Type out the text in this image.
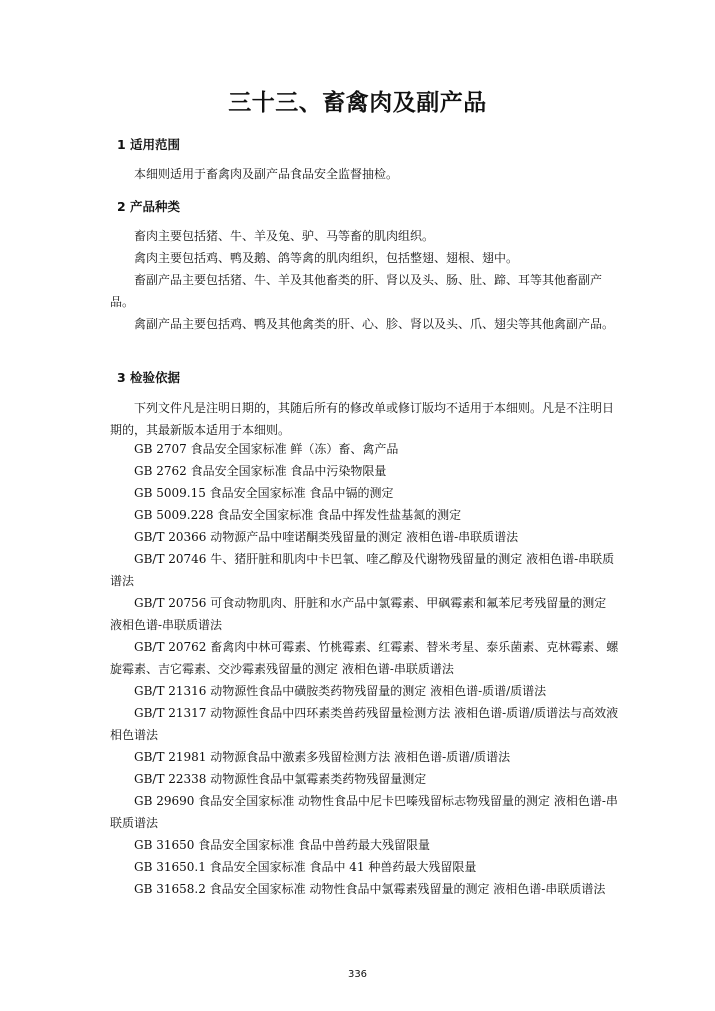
三十三、畜禽肉及副产品
1 适用范围
本细则适用于畜禽肉及副产品食品安全监督抽检。
2 产品种类
畜肉主要包括猪、牛、羊及兔、驴、马等畜的肌肉组织。
禽肉主要包括鸡、鸭及鹅、鸽等禽的肌肉组织，包括整翅、翅根、翅中。
畜副产品主要包括猪、牛、羊及其他畜类的肝、肾以及头、肠、肚、蹄、耳等其他畜副产品。
禽副产品主要包括鸡、鸭及其他禽类的肝、心、胗、肾以及头、爪、翅尖等其他禽副产品。
3 检验依据
下列文件凡是注明日期的，其随后所有的修改单或修订版均不适用于本细则。凡是不注明日期的，其最新版本适用于本细则。
GB 2707 食品安全国家标准 鲜（冻）畜、禽产品
GB 2762 食品安全国家标准 食品中污染物限量
GB 5009.15 食品安全国家标准 食品中镉的测定
GB 5009.228 食品安全国家标准 食品中挥发性盐基氮的测定
GB/T 20366 动物源产品中喹诺酮类残留量的测定 液相色谱-串联质谱法
GB/T 20746 牛、猪肝脏和肌肉中卡巴氧、喹乙醇及代谢物残留量的测定 液相色谱-串联质谱法
GB/T 20756 可食动物肌肉、肝脏和水产品中氯霉素、甲砜霉素和氟苯尼考残留量的测定 液相色谱-串联质谱法
GB/T 20762 畜禽肉中林可霉素、竹桃霉素、红霉素、替米考星、泰乐菌素、克林霉素、螺旋霉素、吉它霉素、交沙霉素残留量的测定 液相色谱-串联质谱法
GB/T 21316 动物源性食品中磺胺类药物残留量的测定 液相色谱-质谱/质谱法
GB/T 21317 动物源性食品中四环素类兽药残留量检测方法 液相色谱-质谱/质谱法与高效液相色谱法
GB/T 21981 动物源食品中激素多残留检测方法 液相色谱-质谱/质谱法
GB/T 22338 动物源性食品中氯霉素类药物残留量测定
GB 29690 食品安全国家标准 动物性食品中尼卡巴嗪残留标志物残留量的测定 液相色谱-串联质谱法
GB 31650 食品安全国家标准 食品中兽药最大残留限量
GB 31650.1 食品安全国家标准 食品中 41 种兽药最大残留限量
GB 31658.2 食品安全国家标准 动物性食品中氯霉素残留量的测定 液相色谱-串联质谱法
336
